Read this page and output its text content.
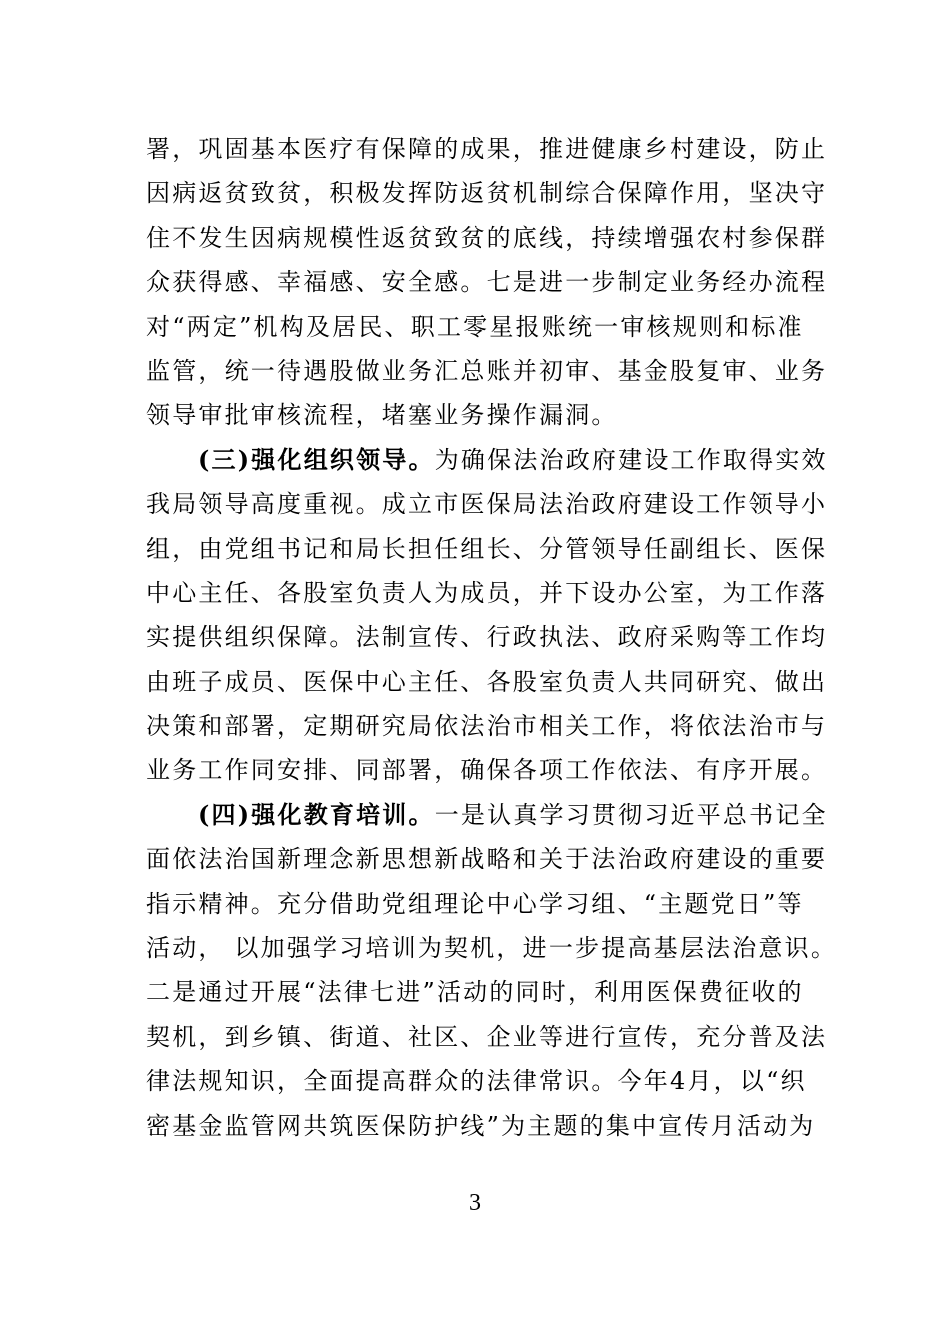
署，巩固基本医疗有保障的成果，推进健康乡村建设，防止
因病返贫致贫，积极发挥防返贫机制综合保障作用，坚决守
住不发生因病规模性返贫致贫的底线，持续增强农村参保群
众获得感、幸福感、安全感。七是进一步制定业务经办流程
对“两定”机构及居民、职工零星报账统一审核规则和标准
监管，统一待遇股做业务汇总账并初审、基金股复审、业务
领导审批审核流程，堵塞业务操作漏洞。
(三)强化组织领导。为确保法治政府建设工作取得实效
我局领导高度重视。成立市医保局法治政府建设工作领导小
组，由党组书记和局长担任组长、分管领导任副组长、医保
中心主任、各股室负责人为成员，并下设办公室，为工作落
实提供组织保障。法制宣传、行政执法、政府采购等工作均
由班子成员、医保中心主任、各股室负责人共同研究、做出
决策和部署，定期研究局依法治市相关工作，将依法治市与
业务工作同安排、同部署，确保各项工作依法、有序开展。
(四)强化教育培训。一是认真学习贯彻习近平总书记全
面依法治国新理念新思想新战略和关于法治政府建设的重要
指示精神。充分借助党组理论中心学习组、“主题党日”等
活动， 以加强学习培训为契机，进一步提高基层法治意识。
二是通过开展“法律七进”活动的同时，利用医保费征收的
契机，到乡镇、街道、社区、企业等进行宣传，充分普及法
律法规知识，全面提高群众的法律常识。今年4月，以“织
密基金监管网共筑医保防护线”为主题的集中宣传月活动为
3
